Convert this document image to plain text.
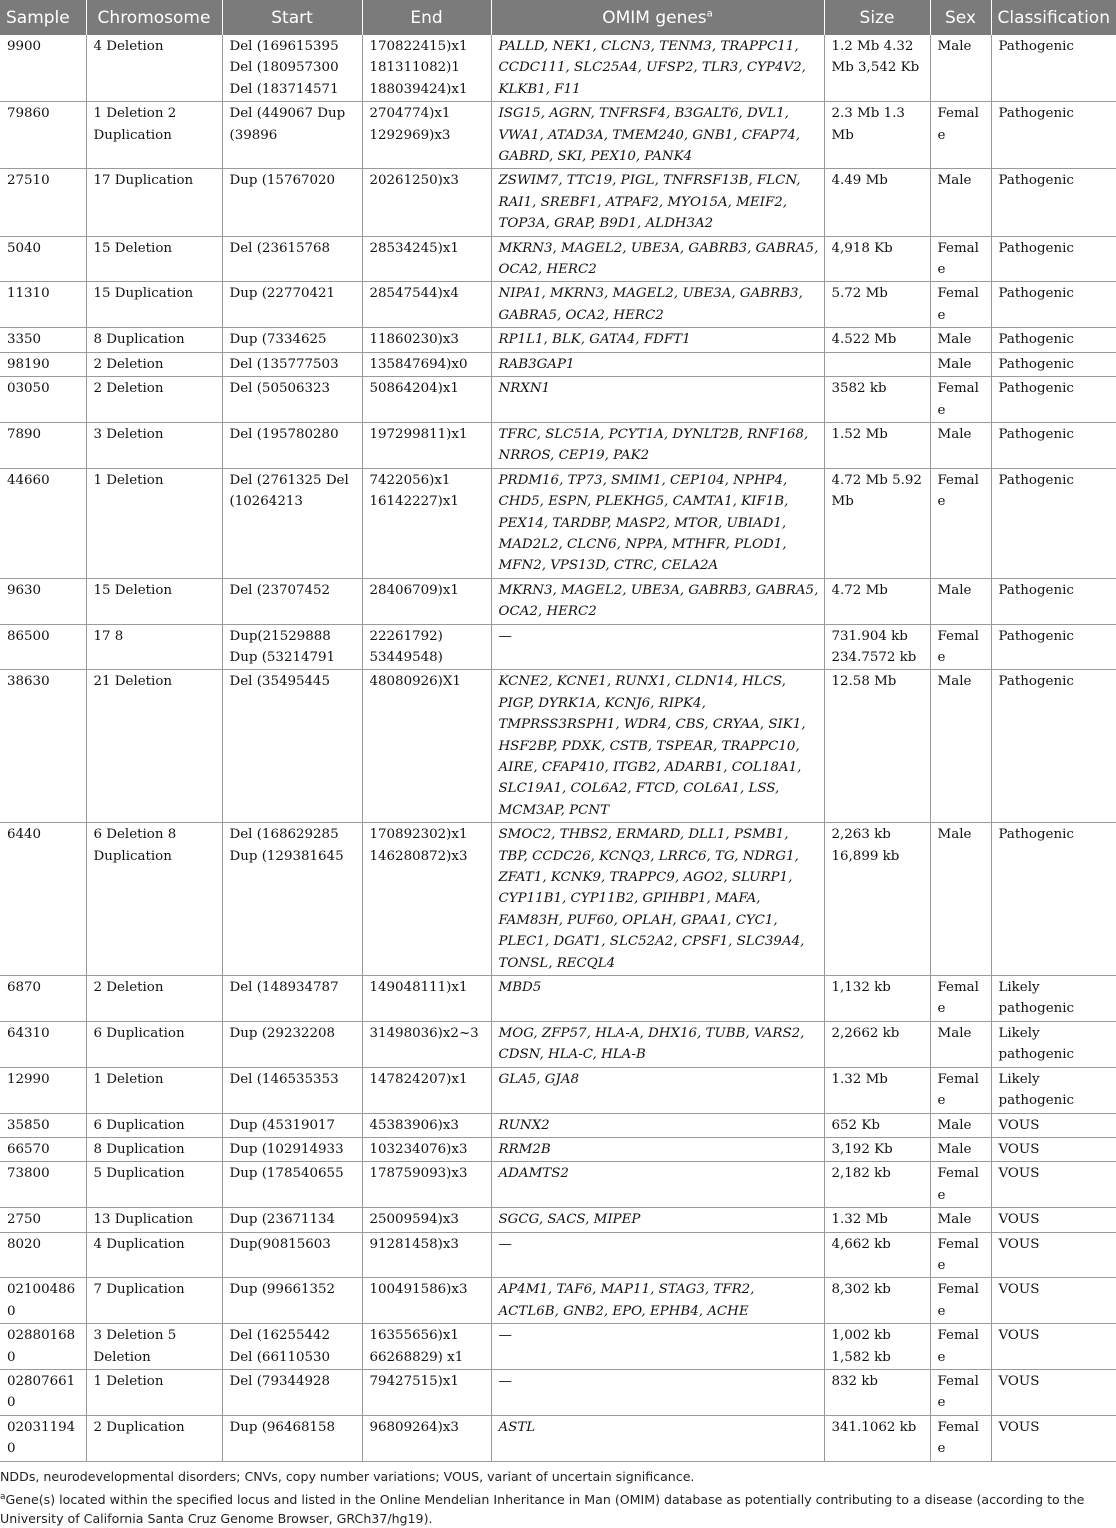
Sample	Chromosome	Start	End	OMIM genes$^a$	Size	Sex	Classification
9900	4 Deletion	Del (169615395 Del (180957300 Del (183714571	170822415)x1 181311082)1 188039424)x1	PALLD, NEK1, CLCN3, TENM3, TRAPPC11, CCDC111, SLC25A4, UFSP2, TLR3, CYP4V2, KLKB1, F11	1.2 Mb 4.32 Mb 3,542 Kb	Male	Pathogenic
79860	1 Deletion 2 Duplication	Del (449067 Dup (39896	2704774)x1 1292969)x3	ISG15, AGRN, TNFRSF4, B3GALT6, DVL1, VWA1, ATAD3A, TMEM240, GNB1, CFAP74, GABRD, SKI, PEX10, PANK4	2.3 Mb 1.3 Mb	Female	Pathogenic
27510	17 Duplication	Dup (15767020	20261250)x3	ZSWIM7, TTC19, PIGL, TNFRSF13B, FLCN, RAI1, SREBF1, ATPAF2, MYO15A, MEIF2, TOP3A, GRAP, B9D1, ALDH3A2	4.49 Mb	Male	Pathogenic
5040	15 Deletion	Del (23615768	28534245)x1	MKRN3, MAGEL2, UBE3A, GABRB3, GABRA5, OCA2, HERC2	4,918 Kb	Female	Pathogenic
11310	15 Duplication	Dup (22770421	28547544)x4	NIPA1, MKRN3, MAGEL2, UBE3A, GABRB3, GABRA5, OCA2, HERC2	5.72 Mb	Female	Pathogenic
3350	8 Duplication	Dup (7334625	11860230)x3	RP1L1, BLK, GATA4, FDFT1	4.522 Mb	Male	Pathogenic
98190	2 Deletion	Del (135777503	135847694)x0	RAB3GAP1		Male	Pathogenic
03050	2 Deletion	Del (50506323	50864204)x1	NRXN1	3582 kb	Female	Pathogenic
7890	3 Deletion	Del (195780280	197299811)x1	TFRC, SLC51A, PCYT1A, DYNLT2B, RNF168, NRROS, CEP19, PAK2	1.52 Mb	Male	Pathogenic
44660	1 Deletion	Del (2761325 Del (10264213	7422056)x1 16142227)x1	PRDM16, TP73, SMIM1, CEP104, NPHP4, CHD5, ESPN, PLEKHG5, CAMTA1, KIF1B, PEX14, TARDBP, MASP2, MTOR, UBIAD1, MAD2L2, CLCN6, NPPA, MTHFR, PLOD1, MFN2, VPS13D, CTRC, CELA2A	4.72 Mb 5.92 Mb	Female	Pathogenic
9630	15 Deletion	Del (23707452	28406709)x1	MKRN3, MAGEL2, UBE3A, GABRB3, GABRA5, OCA2, HERC2	4.72 Mb	Male	Pathogenic
86500	17 8	Dup(21529888 Dup (53214791	22261792) 53449548)	—	731.904 kb 234.7572 kb	Female	Pathogenic
38630	21 Deletion	Del (35495445	48080926)X1	KCNE2, KCNE1, RUNX1, CLDN14, HLCS, PIGP, DYRK1A, KCNJ6, RIPK4, TMPRSS3RSPH1, WDR4, CBS, CRYAA, SIK1, HSF2BP, PDXK, CSTB, TSPEAR, TRAPPC10, AIRE, CFAP410, ITGB2, ADARB1, COL18A1, SLC19A1, COL6A2, FTCD, COL6A1, LSS, MCM3AP, PCNT	12.58 Mb	Male	Pathogenic
6440	6 Deletion 8 Duplication	Del (168629285 Dup (129381645	170892302)x1 146280872)x3	SMOC2, THBS2, ERMARD, DLL1, PSMB1, TBP, CCDC26, KCNQ3, LRRC6, TG, NDRG1, ZFAT1, KCNK9, TRAPPC9, AGO2, SLURP1, CYP11B1, CYP11B2, GPIHBP1, MAFA, FAM83H, PUF60, OPLAH, GPAA1, CYC1, PLEC1, DGAT1, SLC52A2, CPSF1, SLC39A4, TONSL, RECQL4	2,263 kb 16,899 kb	Male	Pathogenic
6870	2 Deletion	Del (148934787	149048111)x1	MBD5	1,132 kb	Female	Likely pathogenic
64310	6 Duplication	Dup (29232208	31498036)x2~3	MOG, ZFP57, HLA-A, DHX16, TUBB, VARS2, CDSN, HLA-C, HLA-B	2,2662 kb	Male	Likely pathogenic
12990	1 Deletion	Del (146535353	147824207)x1	GLA5, GJA8	1.32 Mb	Female	Likely pathogenic
35850	6 Duplication	Dup (45319017	45383906)x3	RUNX2	652 Kb	Male	VOUS
66570	8 Duplication	Dup (102914933	103234076)x3	RRM2B	3,192 Kb	Male	VOUS
73800	5 Duplication	Dup (178540655	178759093)x3	ADAMTS2	2,182 kb	Female	VOUS
2750	13 Duplication	Dup (23671134	25009594)x3	SGCG, SACS, MIPEP	1.32 Mb	Male	VOUS
8020	4 Duplication	Dup(90815603	91281458)x3	—	4,662 kb	Female	VOUS
021004860	7 Duplication	Dup (99661352	100491586)x3	AP4M1, TAF6, MAP11, STAG3, TFR2, ACTL6B, GNB2, EPO, EPHB4, ACHE	8,302 kb	Female	VOUS
028801680	3 Deletion 5 Deletion	Del (16255442 Del (66110530	16355656)x1 66268829) x1	—	1,002 kb 1,582 kb	Female	VOUS
028076610	1 Deletion	Del (79344928	79427515)x1	—	832 kb	Female	VOUS
020311940	2 Duplication	Dup (96468158	96809264)x3	ASTL	341.1062 kb	Female	VOUS

NDDs, neurodevelopmental disorders; CNVs, copy number variations; VOUS, variant of uncertain significance.

$^a$Gene(s) located within the specified locus and listed in the Online Mendelian Inheritance in Man (OMIM) database as potentially contributing to a disease (according to the University of California Santa Cruz Genome Browser, GRCh37/hg19).
